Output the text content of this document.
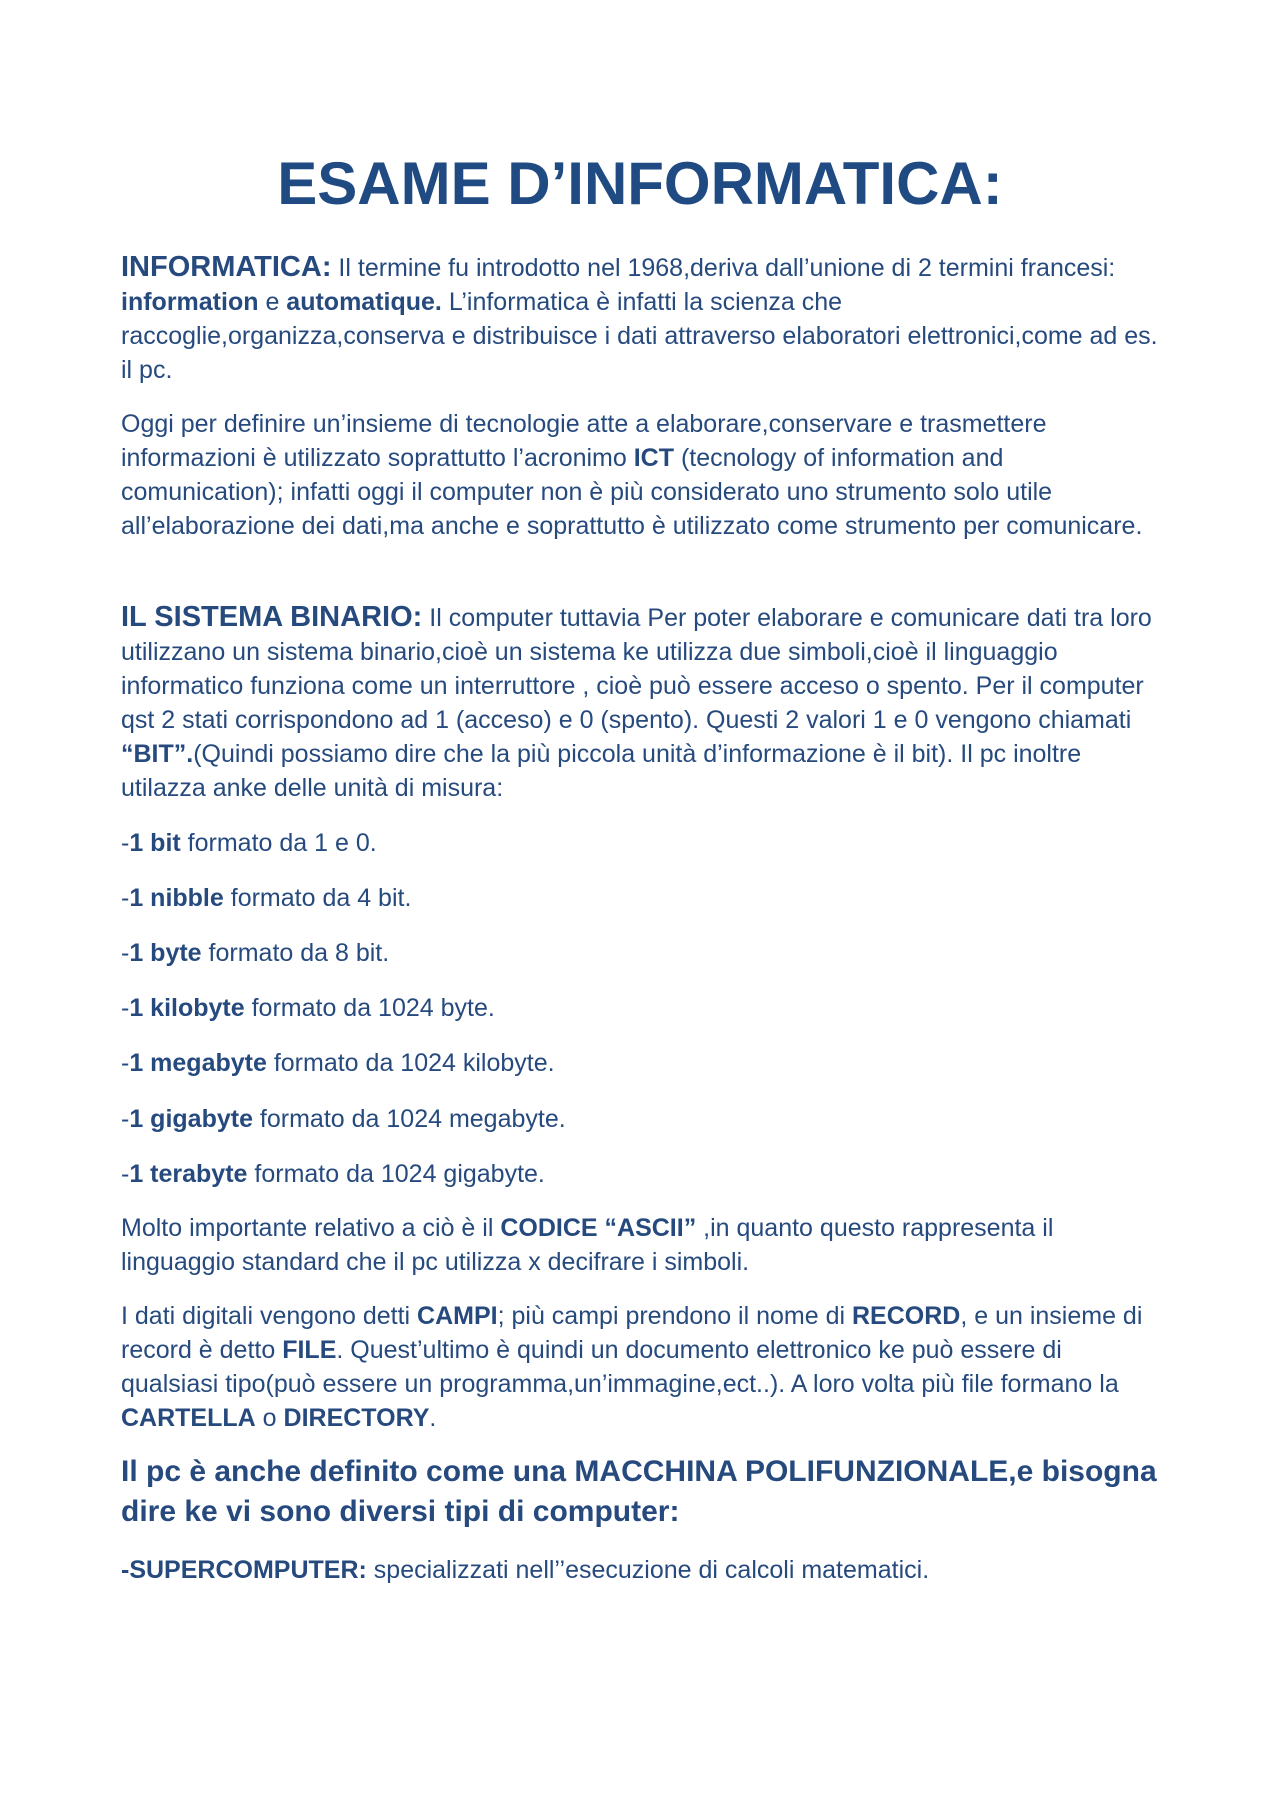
ESAME D’INFORMATICA:

INFORMATICA: Il termine fu introdotto nel 1968,deriva dall’unione di 2 termini francesi: information e automatique. L’informatica è infatti la scienza che raccoglie,organizza,conserva e distribuisce i dati attraverso elaboratori elettronici,come ad es. il pc.

Oggi per definire un’insieme di tecnologie atte a elaborare,conservare e trasmettere informazioni è utilizzato soprattutto l’acronimo ICT (tecnology of information and comunication); infatti oggi il computer non è più considerato uno strumento solo utile all’elaborazione dei dati,ma anche e soprattutto è utilizzato come strumento per comunicare.

IL SISTEMA BINARIO: Il computer tuttavia Per poter elaborare e comunicare dati tra loro utilizzano un sistema binario,cioè un sistema ke utilizza due simboli,cioè il linguaggio informatico funziona come un interruttore , cioè può essere acceso o spento. Per il computer qst 2 stati corrispondono ad 1 (acceso) e 0 (spento). Questi 2 valori 1 e 0 vengono chiamati “BIT”.(Quindi possiamo dire che la più piccola unità d’informazione è il bit). Il pc inoltre utilazza anke delle unità di misura:

-1 bit formato da 1 e 0.

-1 nibble formato da 4 bit.

-1 byte formato da 8 bit.

-1 kilobyte formato da 1024 byte.

-1 megabyte formato da 1024 kilobyte.

-1 gigabyte formato da 1024 megabyte.

-1 terabyte formato da 1024 gigabyte.

Molto importante relativo a ciò è il CODICE “ASCII” ,in quanto questo rappresenta il linguaggio standard che il pc utilizza x decifrare i simboli.

I dati digitali vengono detti CAMPI; più campi prendono il nome di RECORD, e un insieme di record è detto FILE. Quest’ultimo è quindi un documento elettronico ke può essere di qualsiasi tipo(può essere un programma,un’immagine,ect..). A loro volta più file formano la CARTELLA o DIRECTORY.

Il pc è anche definito come una MACCHINA POLIFUNZIONALE,e bisogna dire ke vi sono diversi tipi di computer:

-SUPERCOMPUTER: specializzati nell’’esecuzione di calcoli matematici.
